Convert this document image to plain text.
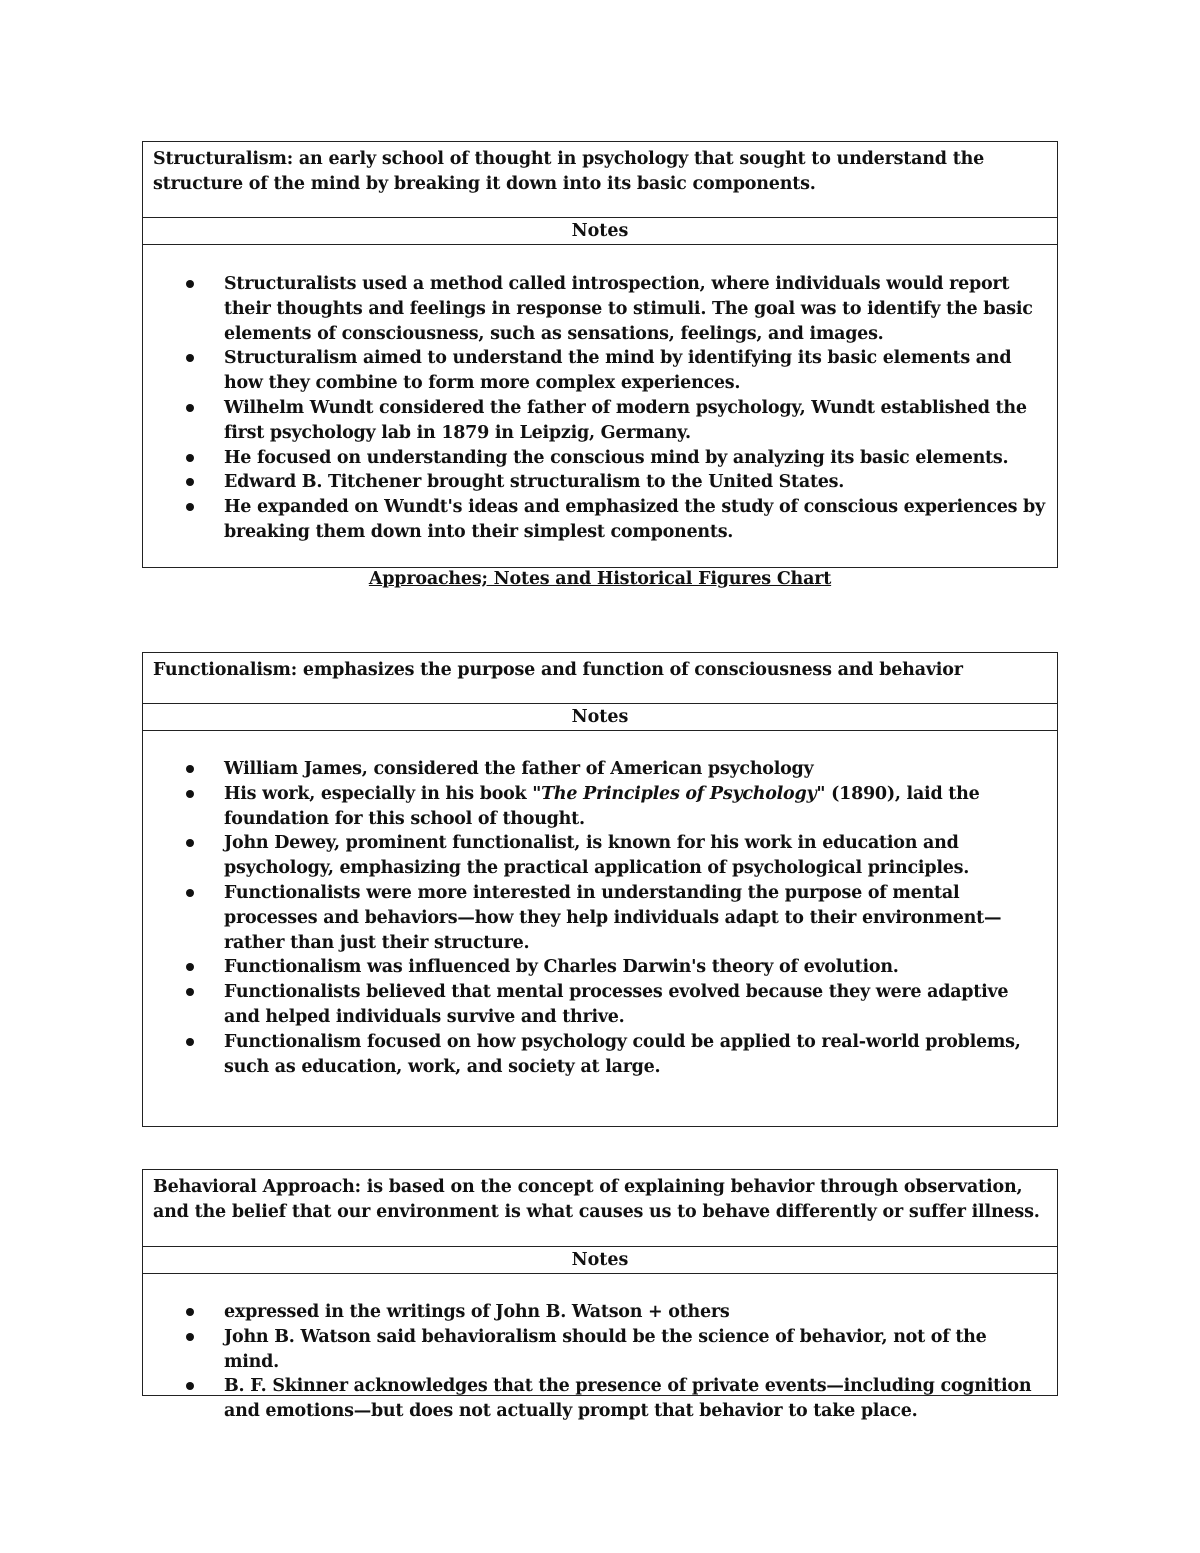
Structuralism: an early school of thought in psychology that sought to understand the structure of the mind by breaking it down into its basic components.
Notes
Structuralists used a method called introspection, where individuals would report their thoughts and feelings in response to stimuli. The goal was to identify the basic elements of consciousness, such as sensations, feelings, and images.
Structuralism aimed to understand the mind by identifying its basic elements and how they combine to form more complex experiences.
Wilhelm Wundt considered the father of modern psychology, Wundt established the first psychology lab in 1879 in Leipzig, Germany.
He focused on understanding the conscious mind by analyzing its basic elements.
Edward B. Titchener brought structuralism to the United States.
He expanded on Wundt's ideas and emphasized the study of conscious experiences by breaking them down into their simplest components.
Approaches; Notes and Historical Figures Chart
Functionalism: emphasizes the purpose and function of consciousness and behavior
Notes
William James, considered the father of American psychology
His work, especially in his book "The Principles of Psychology" (1890), laid the foundation for this school of thought.
John Dewey, prominent functionalist, is known for his work in education and psychology, emphasizing the practical application of psychological principles.
Functionalists were more interested in understanding the purpose of mental processes and behaviors—how they help individuals adapt to their environment—rather than just their structure.
Functionalism was influenced by Charles Darwin's theory of evolution.
Functionalists believed that mental processes evolved because they were adaptive and helped individuals survive and thrive.
Functionalism focused on how psychology could be applied to real-world problems, such as education, work, and society at large.
Behavioral Approach: is based on the concept of explaining behavior through observation,
and the belief that our environment is what causes us to behave differently or suffer illness.
Notes
expressed in the writings of John B. Watson + others
John B. Watson said behavioralism should be the science of behavior, not of the mind.
B. F. Skinner acknowledges that the presence of private events—including cognition and emotions—but does not actually prompt that behavior to take place.
